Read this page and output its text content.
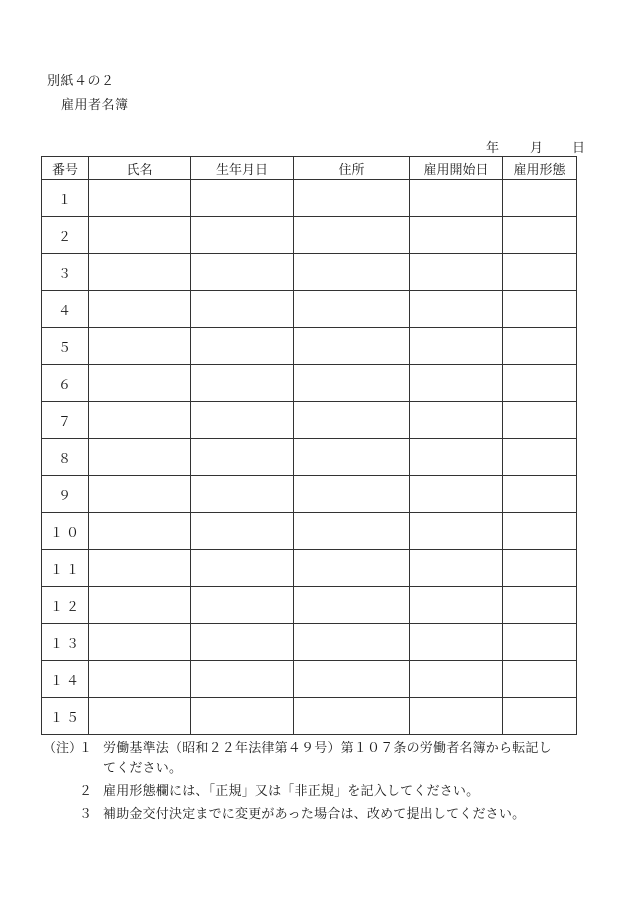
別紙４の２
雇用者名簿
年 月 日
番号	氏名	生年月日	住所	雇用開始日	雇用形態
１					
２					
３					
４					
５					
６					
７					
８					
９					
１０					
１１					
１２					
１３					
１４					
１５					
（注）
１ 労働基準法（昭和２２年法律第４９号）第１０７条の労働者名簿から転記し
てください。
２ 雇用形態欄には、「正規」又は「非正規」を記入してください。
３ 補助金交付決定までに変更があった場合は、改めて提出してください。
